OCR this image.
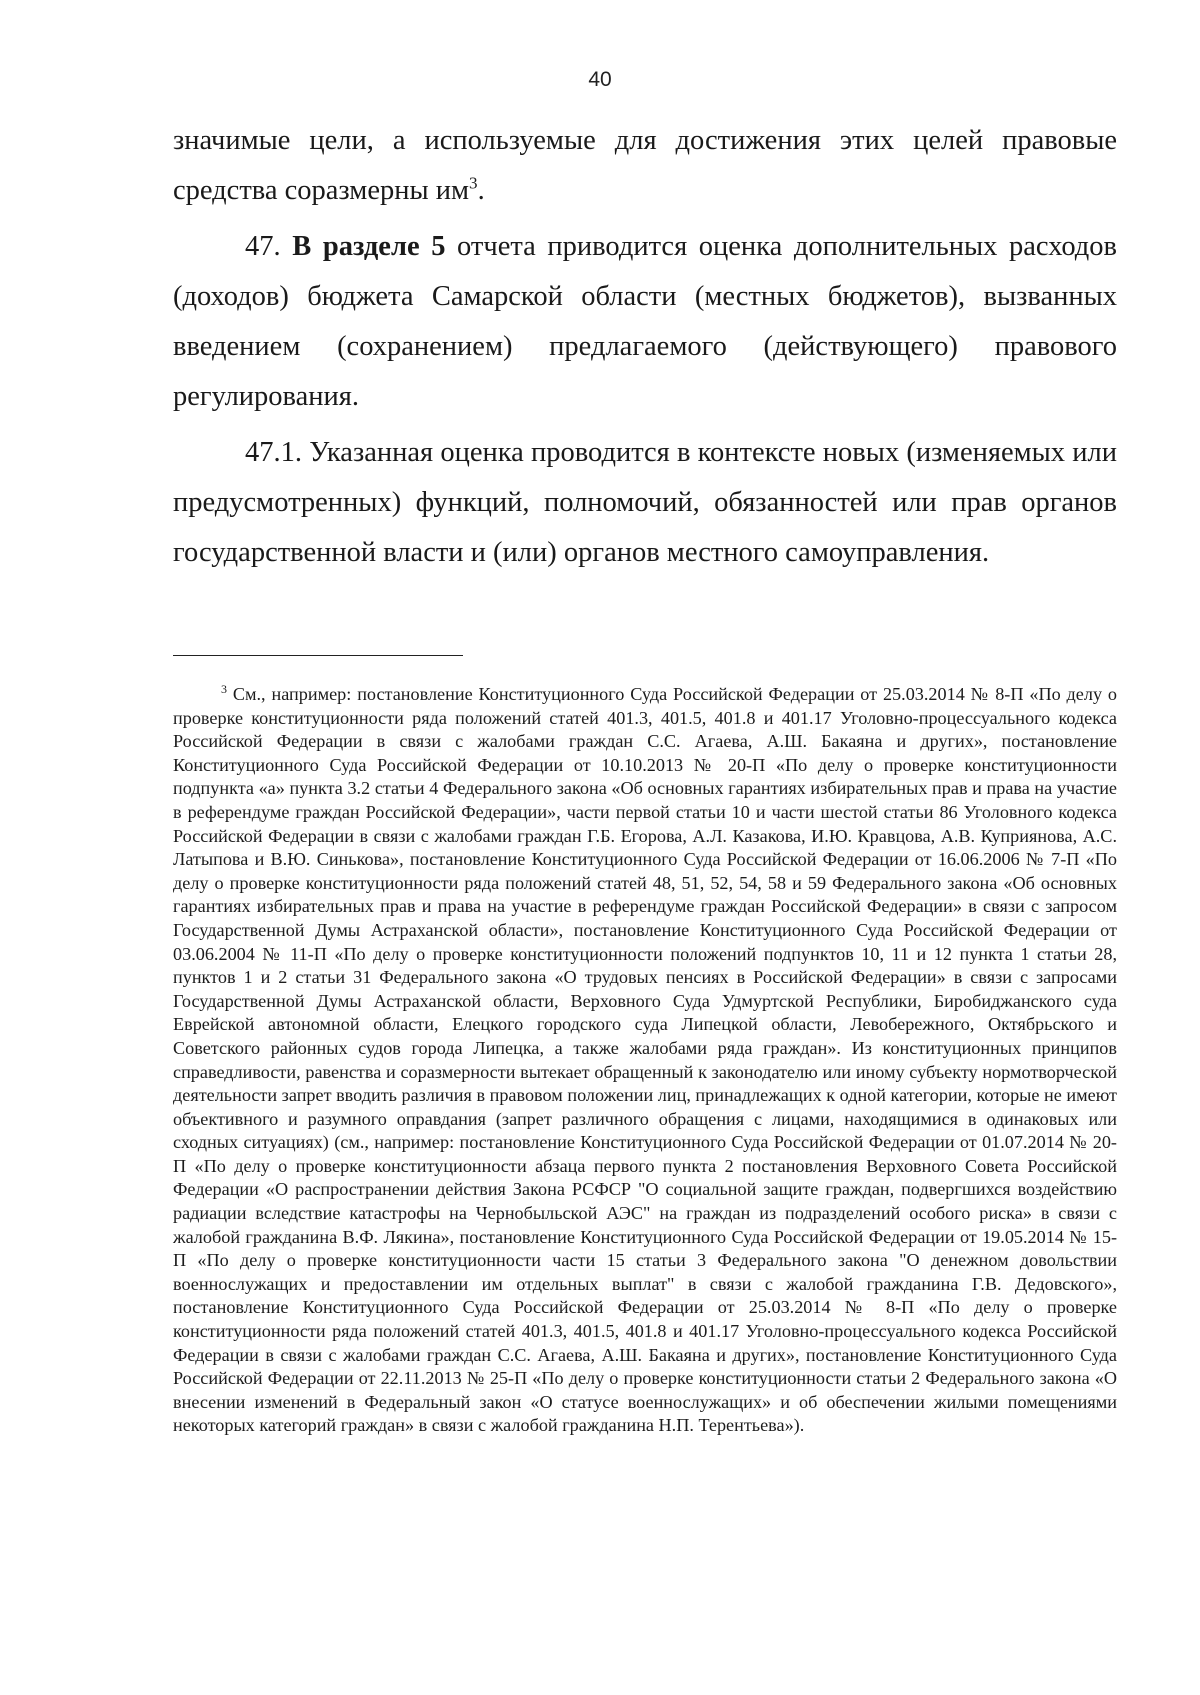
40

значимые цели, а используемые для достижения этих целей правовые средства соразмерны $им^3$.

47. В разделе 5 отчета приводится оценка дополнительных расходов (доходов) бюджета Самарской области (местных бюджетов), вызванных введением (сохранением) предлагаемого (действующего) правового регулирования.

47.1. Указанная оценка проводится в контексте новых (изменяемых или предусмотренных) функций, полномочий, обязанностей или прав органов государственной власти и (или) органов местного самоуправления.

$^3$ См., например: постановление Конституционного Суда Российской Федерации от 25.03.2014 № 8-П «По делу о проверке конституционности ряда положений статей 401.3, 401.5, 401.8 и 401.17 Уголовно-процессуального кодекса Российской Федерации в связи с жалобами граждан С.С. Агаева, А.Ш. Бакаяна и других», постановление Конституционного Суда Российской Федерации от 10.10.2013 № 20-П «По делу о проверке конституционности подпункта «а» пункта 3.2 статьи 4 Федерального закона «Об основных гарантиях избирательных прав и права на участие в референдуме граждан Российской Федерации», части первой статьи 10 и части шестой статьи 86 Уголовного кодекса Российской Федерации в связи с жалобами граждан Г.Б. Егорова, А.Л. Казакова, И.Ю. Кравцова, А.В. Куприянова, А.С. Латыпова и В.Ю. Синькова», постановление Конституционного Суда Российской Федерации от 16.06.2006 № 7-П «По делу о проверке конституционности ряда положений статей 48, 51, 52, 54, 58 и 59 Федерального закона «Об основных гарантиях избирательных прав и права на участие в референдуме граждан Российской Федерации» в связи с запросом Государственной Думы Астраханской области», постановление Конституционного Суда Российской Федерации от 03.06.2004 № 11-П «По делу о проверке конституционности положений подпунктов 10, 11 и 12 пункта 1 статьи 28, пунктов 1 и 2 статьи 31 Федерального закона «О трудовых пенсиях в Российской Федерации» в связи с запросами Государственной Думы Астраханской области, Верховного Суда Удмуртской Республики, Биробиджанского суда Еврейской автономной области, Елецкого городского суда Липецкой области, Левобережного, Октябрьского и Советского районных судов города Липецка, а также жалобами ряда граждан». Из конституционных принципов справедливости, равенства и соразмерности вытекает обращенный к законодателю или иному субъекту нормотворческой деятельности запрет вводить различия в правовом положении лиц, принадлежащих к одной категории, которые не имеют объективного и разумного оправдания (запрет различного обращения с лицами, находящимися в одинаковых или сходных ситуациях) (см., например: постановление Конституционного Суда Российской Федерации от 01.07.2014 № 20-П «По делу о проверке конституционности абзаца первого пункта 2 постановления Верховного Совета Российской Федерации «О распространении действия Закона РСФСР "О социальной защите граждан, подвергшихся воздействию радиации вследствие катастрофы на Чернобыльской АЭС" на граждан из подразделений особого риска» в связи с жалобой гражданина В.Ф. Лякина», постановление Конституционного Суда Российской Федерации от 19.05.2014 № 15-П «По делу о проверке конституционности части 15 статьи 3 Федерального закона "О денежном довольствии военнослужащих и предоставлении им отдельных выплат" в связи с жалобой гражданина Г.В. Дедовского», постановление Конституционного Суда Российской Федерации от 25.03.2014 № 8-П «По делу о проверке конституционности ряда положений статей 401.3, 401.5, 401.8 и 401.17 Уголовно-процессуального кодекса Российской Федерации в связи с жалобами граждан С.С. Агаева, А.Ш. Бакаяна и других», постановление Конституционного Суда Российской Федерации от 22.11.2013 № 25-П «По делу о проверке конституционности статьи 2 Федерального закона «О внесении изменений в Федеральный закон «О статусе военнослужащих» и об обеспечении жилыми помещениями некоторых категорий граждан» в связи с жалобой гражданина Н.П. Терентьева»).
